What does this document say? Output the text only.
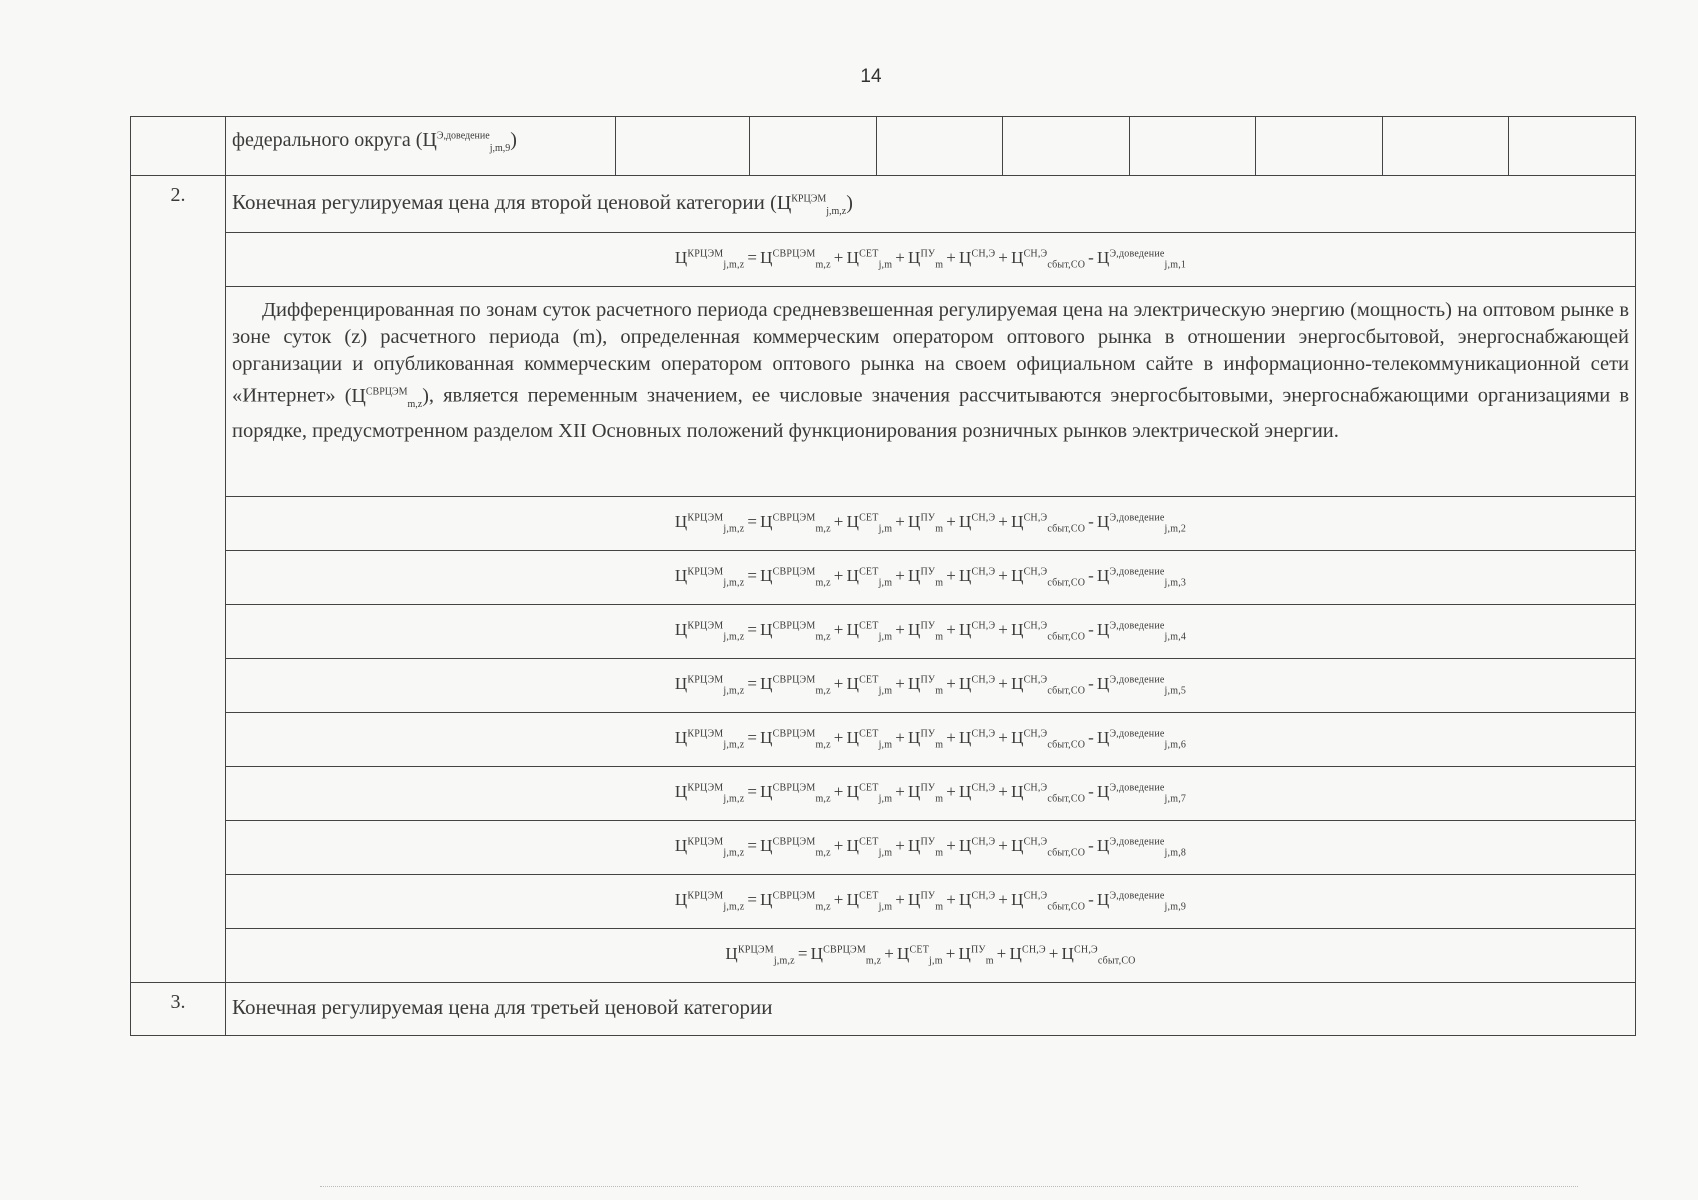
14
федерального округа $(Ц^{Э,доведение}_{j,m,9})$
2.	Конечная регулируемая цена для второй ценовой категории $(Ц^{КРЦЭМ}_{j,m,z})$
$Ц^{КРЦЭМ}_{j,m,z} = Ц^{СВРЦЭМ}_{m,z} + Ц^{СЕТ}_{j,m} + Ц^{ПУ}_m + Ц^{СН,Э} + Ц^{СН,Э}_{сбыт,СО} - Ц^{Э,доведение}_{j,m,1}$
Дифференцированная по зонам суток расчетного периода средневзвешенная регулируемая цена на электрическую энергию (мощность) на оптовом рынке в зоне суток (z) расчетного периода (m), определенная коммерческим оператором оптового рынка в отношении энергосбытовой, энергоснабжающей организации и опубликованная коммерческим оператором оптового рынка на своем официальном сайте в информационно-телекоммуникационной сети «Интернет» $(Ц^{СВРЦЭМ}_{m,z})$, является переменным значением, ее числовые значения рассчитываются энергосбытовыми, энергоснабжающими организациями в порядке, предусмотренном разделом XII Основных положений функционирования розничных рынков электрической энергии.
$Ц^{КРЦЭМ}_{j,m,z} = Ц^{СВРЦЭМ}_{m,z} + Ц^{СЕТ}_{j,m} + Ц^{ПУ}_m + Ц^{СН,Э} + Ц^{СН,Э}_{сбыт,СО} - Ц^{Э,доведение}_{j,m,2}$
$Ц^{КРЦЭМ}_{j,m,z} = Ц^{СВРЦЭМ}_{m,z} + Ц^{СЕТ}_{j,m} + Ц^{ПУ}_m + Ц^{СН,Э} + Ц^{СН,Э}_{сбыт,СО} - Ц^{Э,доведение}_{j,m,3}$
$Ц^{КРЦЭМ}_{j,m,z} = Ц^{СВРЦЭМ}_{m,z} + Ц^{СЕТ}_{j,m} + Ц^{ПУ}_m + Ц^{СН,Э} + Ц^{СН,Э}_{сбыт,СО} - Ц^{Э,доведение}_{j,m,4}$
$Ц^{КРЦЭМ}_{j,m,z} = Ц^{СВРЦЭМ}_{m,z} + Ц^{СЕТ}_{j,m} + Ц^{ПУ}_m + Ц^{СН,Э} + Ц^{СН,Э}_{сбыт,СО} - Ц^{Э,доведение}_{j,m,5}$
$Ц^{КРЦЭМ}_{j,m,z} = Ц^{СВРЦЭМ}_{m,z} + Ц^{СЕТ}_{j,m} + Ц^{ПУ}_m + Ц^{СН,Э} + Ц^{СН,Э}_{сбыт,СО} - Ц^{Э,доведение}_{j,m,6}$
$Ц^{КРЦЭМ}_{j,m,z} = Ц^{СВРЦЭМ}_{m,z} + Ц^{СЕТ}_{j,m} + Ц^{ПУ}_m + Ц^{СН,Э} + Ц^{СН,Э}_{сбыт,СО} - Ц^{Э,доведение}_{j,m,7}$
$Ц^{КРЦЭМ}_{j,m,z} = Ц^{СВРЦЭМ}_{m,z} + Ц^{СЕТ}_{j,m} + Ц^{ПУ}_m + Ц^{СН,Э} + Ц^{СН,Э}_{сбыт,СО} - Ц^{Э,доведение}_{j,m,8}$
$Ц^{КРЦЭМ}_{j,m,z} = Ц^{СВРЦЭМ}_{m,z} + Ц^{СЕТ}_{j,m} + Ц^{ПУ}_m + Ц^{СН,Э} + Ц^{СН,Э}_{сбыт,СО} - Ц^{Э,доведение}_{j,m,9}$
$Ц^{КРЦЭМ}_{j,m,z} = Ц^{СВРЦЭМ}_{m,z} + Ц^{СЕТ}_{j,m} + Ц^{ПУ}_m + Ц^{СН,Э} + Ц^{СН,Э}_{сбыт,СО}$
3.	Конечная регулируемая цена для третьей ценовой категории
